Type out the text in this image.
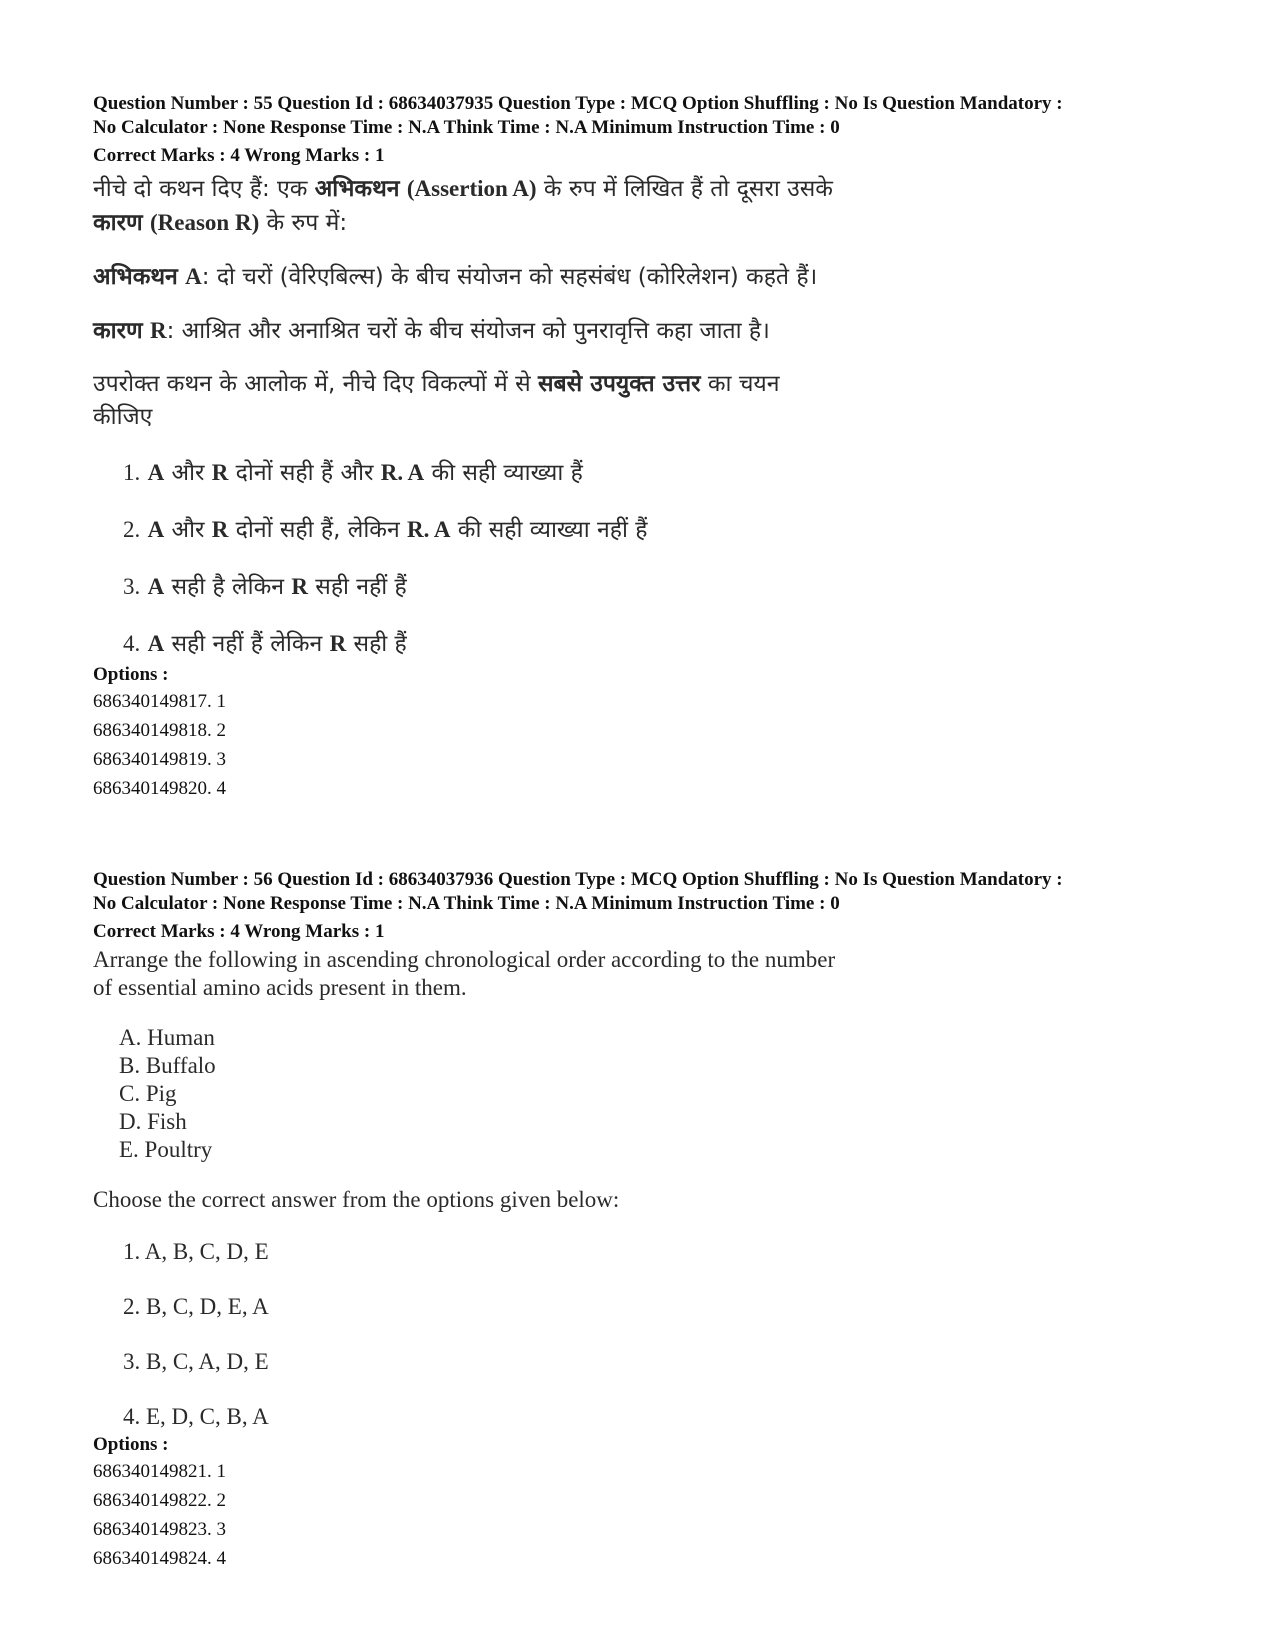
Question Number : 55 Question Id : 68634037935 Question Type : MCQ Option Shuffling : No Is Question Mandatory :
No Calculator : None Response Time : N.A Think Time : N.A Minimum Instruction Time : 0
Correct Marks : 4 Wrong Marks : 1

नीचे दो कथन दिए हैं: एक अभिकथन (Assertion A) के रुप में लिखित हैं तो दूसरा उसके
कारण (Reason R) के रुप में:

अभिकथन A: दो चरों (वेरिएबिल्स) के बीच संयोजन को सहसंबंध (कोरिलेशन) कहते हैं।

कारण R: आश्रित और अनाश्रित चरों के बीच संयोजन को पुनरावृत्ति कहा जाता है।

उपरोक्त कथन के आलोक में, नीचे दिए विकल्पों में से सबसे उपयुक्त उत्तर का चयन
कीजिए

1. A और R दोनों सही हैं और R. A की सही व्याख्या हैं

2. A और R दोनों सही हैं, लेकिन R. A की सही व्याख्या नहीं हैं

3. A सही है लेकिन R सही नहीं हैं

4. A सही नहीं हैं लेकिन R सही हैं

Options :
686340149817. 1
686340149818. 2
686340149819. 3
686340149820. 4
Question Number : 56 Question Id : 68634037936 Question Type : MCQ Option Shuffling : No Is Question Mandatory :
No Calculator : None Response Time : N.A Think Time : N.A Minimum Instruction Time : 0
Correct Marks : 4 Wrong Marks : 1
Arrange the following in ascending chronological order according to the number
of essential amino acids present in them.
A. Human
B. Buffalo
C. Pig
D. Fish
E. Poultry
Choose the correct answer from the options given below:
1. A, B, C, D, E
2. B, C, D, E, A
3. B, C, A, D, E
4. E, D, C, B, A
Options :
686340149821. 1
686340149822. 2
686340149823. 3
686340149824. 4
